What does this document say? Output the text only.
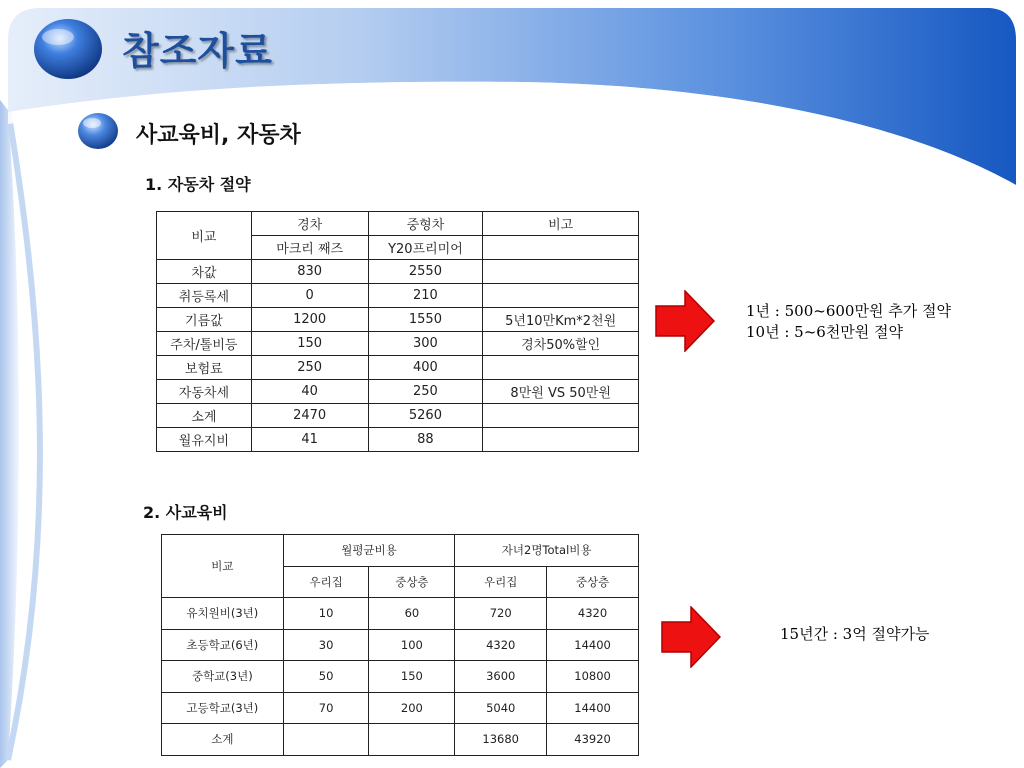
참조자료
사교육비, 자동차
1. 자동차 절약
비교	경차	중형차	비고
	마크리 째즈	Y20프리미어	
차값	830	2550	
취등록세	0	210	
기름값	1200	1550	5년10만Km*2천원
주차/톨비등	150	300	경차50%할인
보험료	250	400	
자동차세	40	250	8만원 VS 50만원
소계	2470	5260	
월유지비	41	88	

1년 : 500~600만원 추가 절약
10년 : 5~6천만원 절약

2. 사교육비
비교	월평균비용		자녀2명Total비용	
	우리집	중상층	우리집	중상층
유치원비(3년)	10	60	720	4320
초등학교(6년)	30	100	4320	14400
중학교(3년)	50	150	3600	10800
고등학교(3년)	70	200	5040	14400
소계			13680	43920

15년간 : 3억 절약가능
